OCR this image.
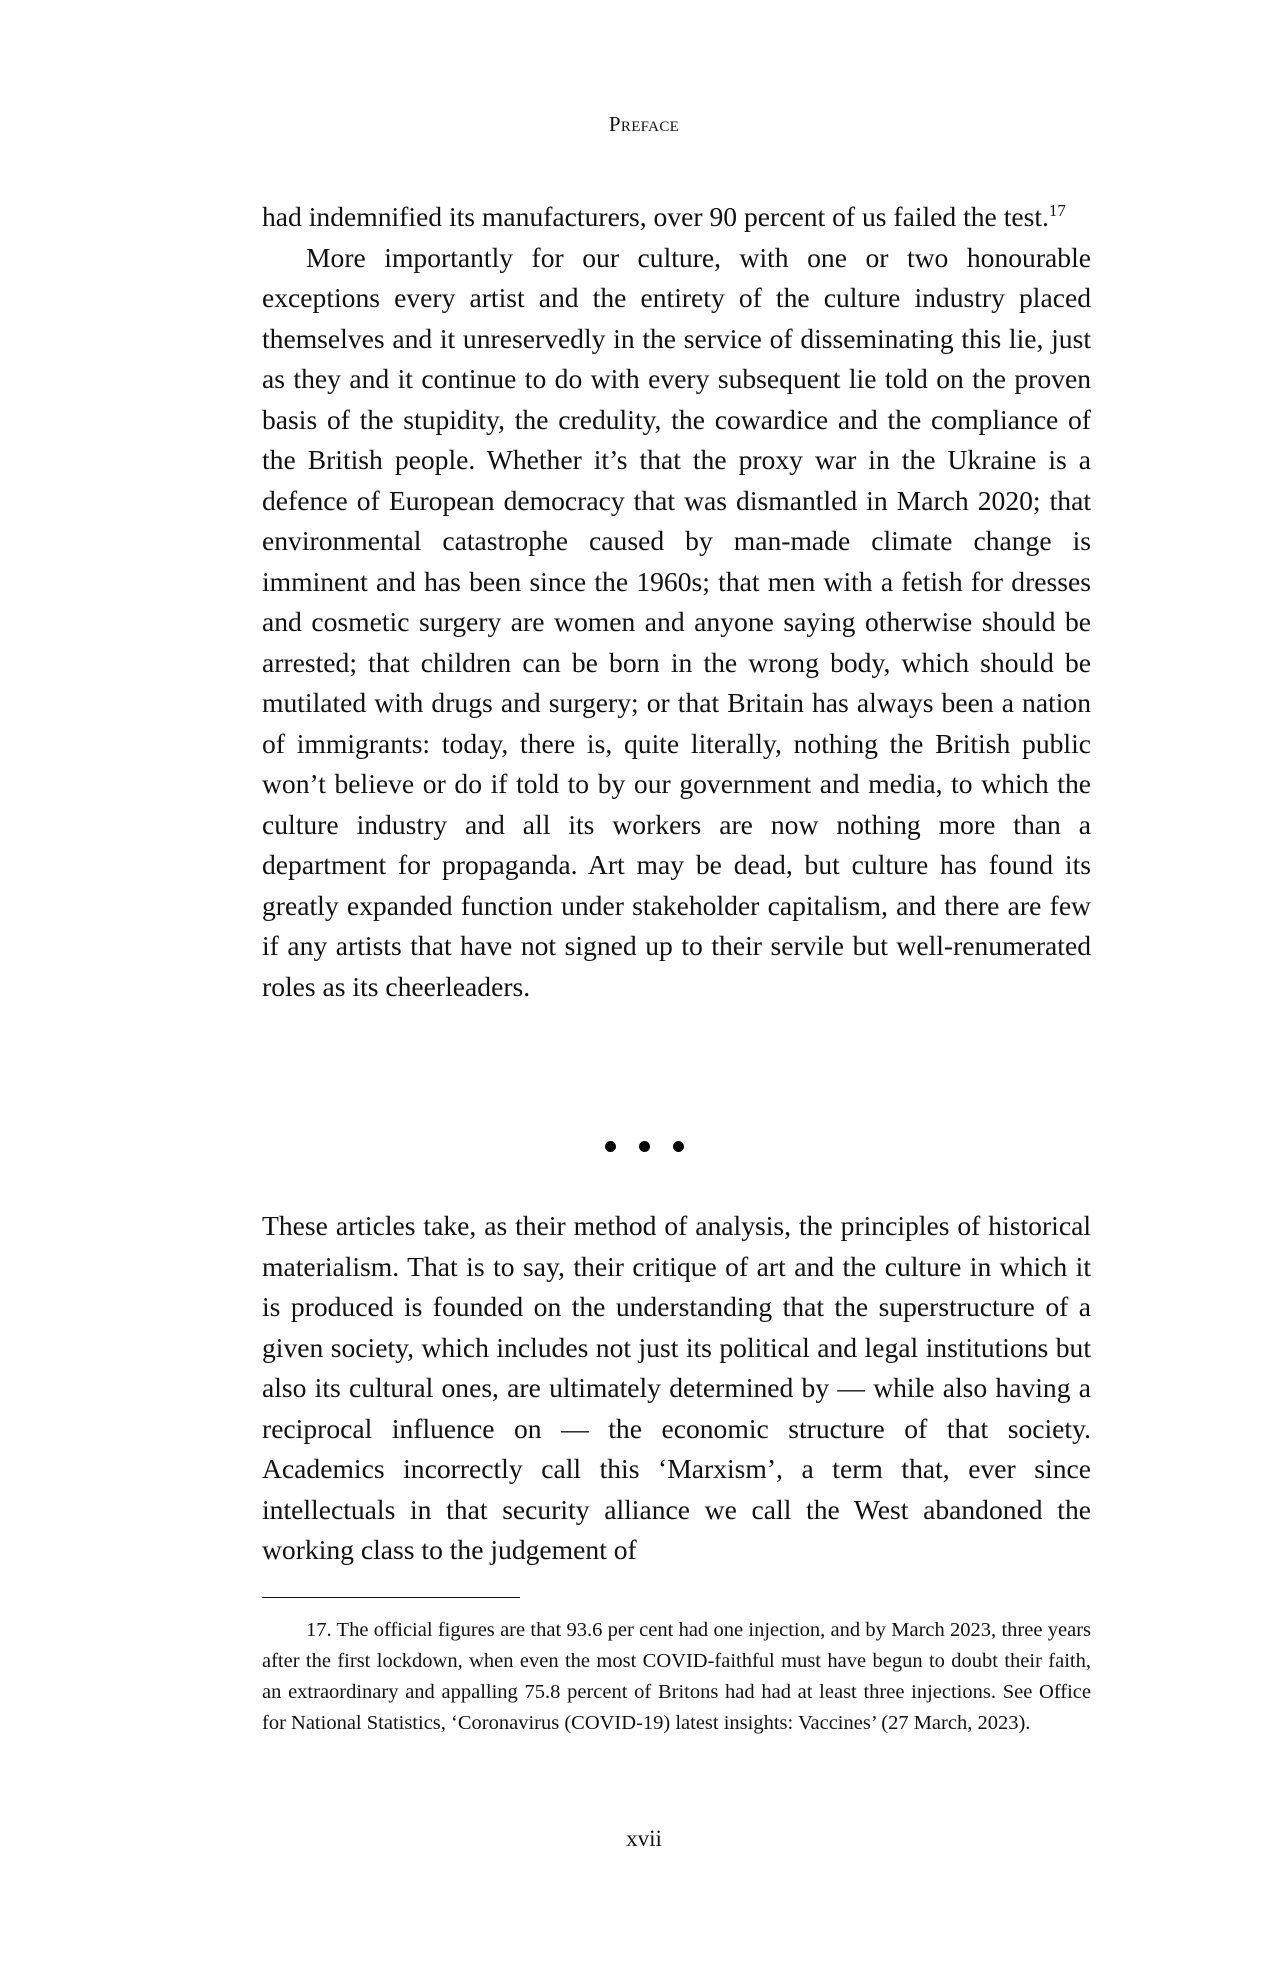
Preface

had indemnified its manufacturers, over 90 percent of us failed the test.$^{17}$

More importantly for our culture, with one or two honourable exceptions every artist and the entirety of the culture industry placed themselves and it unreservedly in the service of disseminating this lie, just as they and it continue to do with every subsequent lie told on the proven basis of the stupidity, the credulity, the cowardice and the compliance of the British people. Whether it’s that the proxy war in the Ukraine is a defence of European democracy that was dismantled in March 2020; that environmental catastrophe caused by man-made climate change is imminent and has been since the 1960s; that men with a fetish for dresses and cosmetic surgery are women and anyone saying otherwise should be arrested; that children can be born in the wrong body, which should be mutilated with drugs and surgery; or that Britain has always been a nation of immigrants: today, there is, quite literally, nothing the British public won’t believe or do if told to by our government and media, to which the culture industry and all its workers are now nothing more than a department for propaganda. Art may be dead, but culture has found its greatly expanded function under stakeholder capitalism, and there are few if any artists that have not signed up to their servile but well-renumerated roles as its cheerleaders.

These articles take, as their method of analysis, the principles of historical materialism. That is to say, their critique of art and the culture in which it is produced is founded on the understanding that the superstructure of a given society, which includes not just its political and legal institutions but also its cultural ones, are ultimately determined by — while also having a reciprocal influence on — the economic structure of that society. Academics incorrectly call this ‘Marxism’, a term that, ever since intellectuals in that security alliance we call the West abandoned the working class to the judgement of

17. The official figures are that 93.6 per cent had one injection, and by March 2023, three years after the first lockdown, when even the most COVID-faithful must have begun to doubt their faith, an extraordinary and appalling 75.8 percent of Britons had had at least three injections. See Office for National Statistics, ‘Coronavirus (COVID-19) latest insights: Vaccines’ (27 March, 2023).

xvii
